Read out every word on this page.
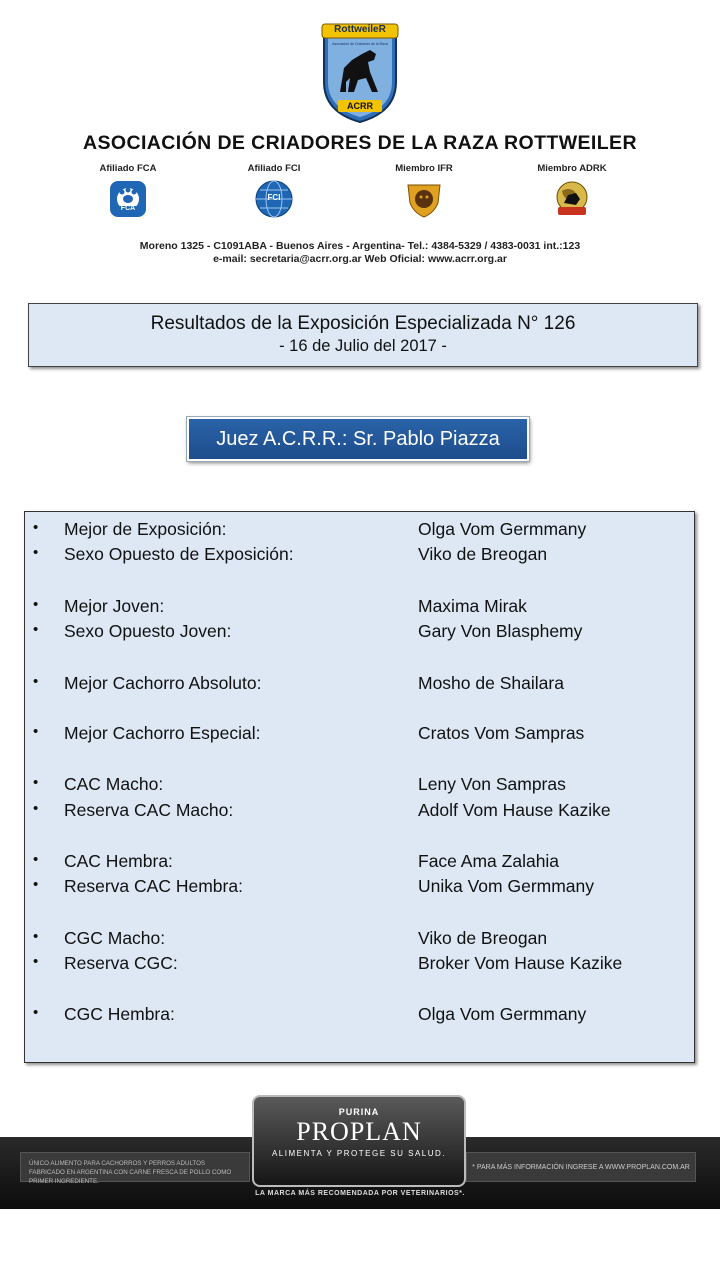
RottweileR
Asociación de Criadores de la Raza
ACRR
ASOCIACIÓN DE CRIADORES DE LA RAZA ROTTWEILER
Afiliado FCA
FCA
Afiliado FCI
FCI
Miembro IFR	Miembro ADRK
Moreno 1325 - C1091ABA - Buenos Aires - Argentina- Tel.: 4384-5329 / 4383-0031 int.:123
e-mail: secretaria@acrr.org.ar Web Oficial: www.acrr.org.ar
Resultados de la Exposición Especializada N° 126
- 16 de Julio del 2017 -
Juez A.C.R.R.: Sr. Pablo Piazza
• Mejor de Exposición:	Olga Vom Germmany
• Sexo Opuesto de Exposición:	Viko de Breogan
• Mejor Joven:	Maxima Mirak
• Sexo Opuesto Joven:	Gary Von Blasphemy
• Mejor Cachorro Absoluto:	Mosho de Shailara
• Mejor Cachorro Especial:	Cratos Vom Sampras
• CAC Macho:	Leny Von Sampras
• Reserva CAC Macho:	Adolf Vom Hause Kazike
• CAC Hembra:	Face Ama Zalahia
• Reserva CAC Hembra:	Unika Vom Germmany
• CGC Macho:	Viko de Breogan
• Reserva CGC:	Broker Vom Hause Kazike
• CGC Hembra:	Olga Vom Germmany
ÚNICO ALIMENTO PARA CACHORROS Y PERROS ADULTOS FABRICADO EN ARGENTINA CON CARNE FRESCA DE POLLO COMO PRIMER INGREDIENTE.
* PARA MÁS INFORMACIÓN INGRESE A WWW.PROPLAN.COM.AR
PURINA
PROPLAN
ALIMENTA Y PROTEGE SU SALUD.
LA MARCA MÁS RECOMENDADA POR VETERINARIOS*.
